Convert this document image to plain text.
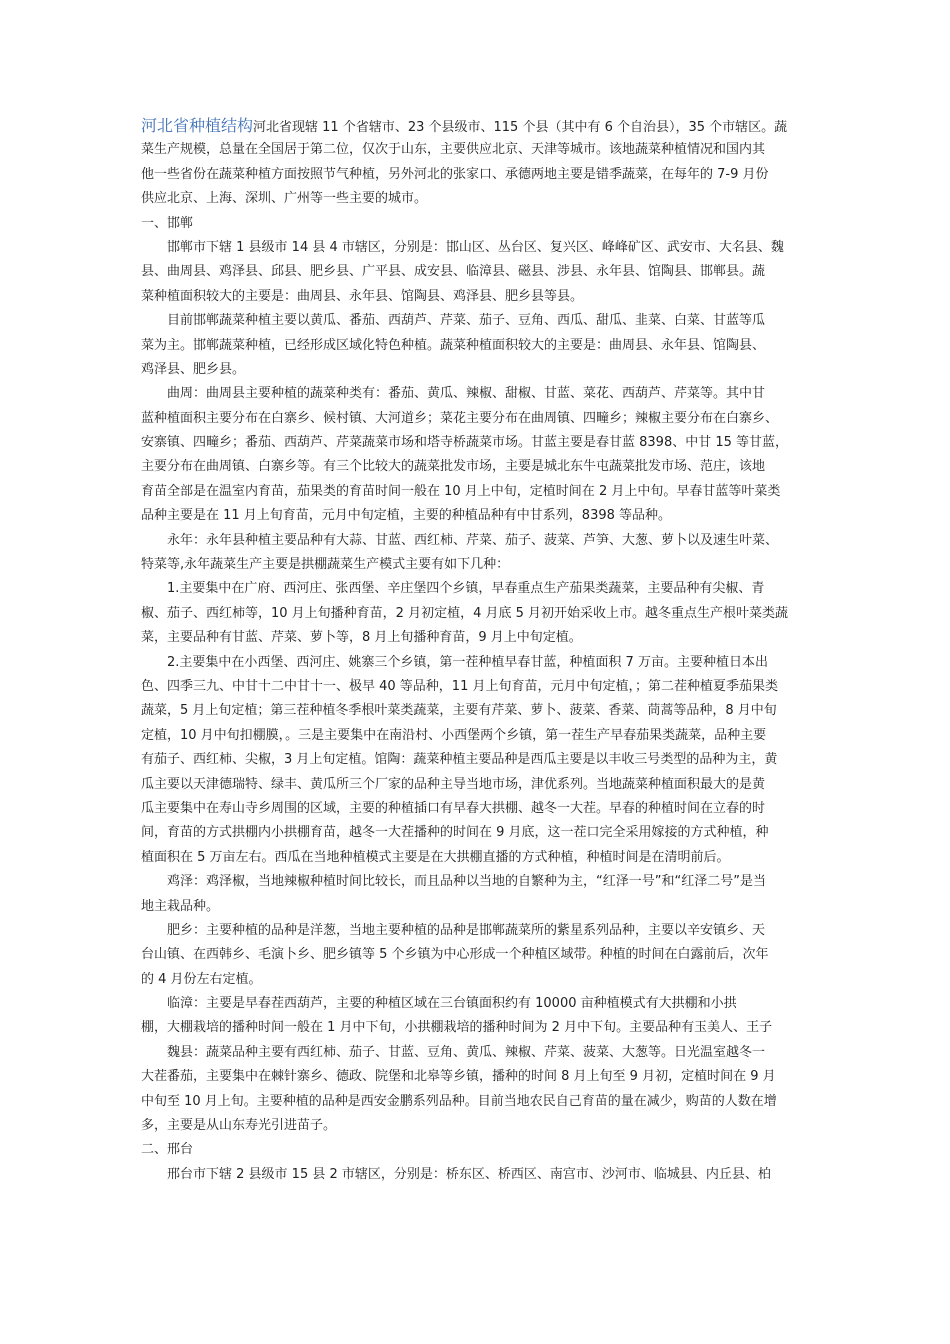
河北省种植结构河北省现辖 11 个省辖市、23 个县级市、115 个县（其中有 6 个自治县），35 个市辖区。蔬
菜生产规模，总量在全国居于第二位，仅次于山东，主要供应北京、天津等城市。该地蔬菜种植情况和国内其
他一些省份在蔬菜种植方面按照节气种植，另外河北的张家口、承德两地主要是错季蔬菜，在每年的 7-9 月份
供应北京、上海、深圳、广州等一些主要的城市。
一、邯郸
　　邯郸市下辖 1 县级市 14 县 4 市辖区，分别是：邯山区、丛台区、复兴区、峰峰矿区、武安市、大名县、魏
县、曲周县、鸡泽县、邱县、肥乡县、广平县、成安县、临漳县、磁县、涉县、永年县、馆陶县、邯郸县。蔬
菜种植面积较大的主要是：曲周县、永年县、馆陶县、鸡泽县、肥乡县等县。
　　目前邯郸蔬菜种植主要以黄瓜、番茄、西葫芦、芹菜、茄子、豆角、西瓜、甜瓜、韭菜、白菜、甘蓝等瓜
菜为主。邯郸蔬菜种植，已经形成区域化特色种植。蔬菜种植面积较大的主要是：曲周县、永年县、馆陶县、
鸡泽县、肥乡县。
　　曲周：曲周县主要种植的蔬菜种类有：番茄、黄瓜、辣椒、甜椒、甘蓝、菜花、西葫芦、芹菜等。其中甘
蓝种植面积主要分布在白寨乡、候村镇、大河道乡；菜花主要分布在曲周镇、四疃乡；辣椒主要分布在白寨乡、
安寨镇、四疃乡；番茄、西葫芦、芹菜蔬菜市场和塔寺桥蔬菜市场。甘蓝主要是春甘蓝 8398、中甘 15 等甘蓝，
主要分布在曲周镇、白寨乡等。有三个比较大的蔬菜批发市场，主要是城北东牛屯蔬菜批发市场、范庄，该地
育苗全部是在温室内育苗，茄果类的育苗时间一般在 10 月上中旬，定植时间在 2 月上中旬。早春甘蓝等叶菜类
品种主要是在 11 月上旬育苗，元月中旬定植，主要的种植品种有中甘系列，8398 等品种。
　　永年：永年县种植主要品种有大蒜、甘蓝、西红柿、芹菜、茄子、菠菜、芦笋、大葱、萝卜以及速生叶菜、
特菜等,永年蔬菜生产主要是拱棚蔬菜生产模式主要有如下几种：
　　1.主要集中在广府、西河庄、张西堡、辛庄堡四个乡镇，早春重点生产茄果类蔬菜，主要品种有尖椒、青
椒、茄子、西红柿等，10 月上旬播种育苗，2 月初定植，4 月底 5 月初开始采收上市。越冬重点生产根叶菜类蔬
菜，主要品种有甘蓝、芹菜、萝卜等，8 月上旬播种育苗，9 月上中旬定植。
　　2.主要集中在小西堡、西河庄、姚寨三个乡镇，第一茬种植早春甘蓝，种植面积 7 万亩。主要种植日本出
色、四季三九、中甘十二中甘十一、极早 40 等品种，11 月上旬育苗，元月中旬定植，；第二茬种植夏季茄果类
蔬菜，5 月上旬定植；第三茬种植冬季根叶菜类蔬菜，主要有芹菜、萝卜、菠菜、香菜、茼蒿等品种，8 月中旬
定植，10 月中旬扣棚膜，。三是主要集中在南沿村、小西堡两个乡镇，第一茬生产早春茄果类蔬菜，品种主要
有茄子、西红柿、尖椒，3 月上旬定植。馆陶：蔬菜种植主要品种是西瓜主要是以丰收三号类型的品种为主，黄
瓜主要以天津德瑞特、绿丰、黄瓜所三个厂家的品种主导当地市场，津优系列。当地蔬菜种植面积最大的是黄
瓜主要集中在寿山寺乡周围的区域，主要的种植插口有早春大拱棚、越冬一大茬。早春的种植时间在立春的时
间，育苗的方式拱棚内小拱棚育苗，越冬一大茬播种的时间在 9 月底，这一茬口完全采用嫁接的方式种植，种
植面积在 5 万亩左右。西瓜在当地种植模式主要是在大拱棚直播的方式种植，种植时间是在清明前后。
　　鸡泽：鸡泽椒，当地辣椒种植时间比较长，而且品种以当地的自繁种为主，“红泽一号”和“红泽二号”是当
地主栽品种。
　　肥乡：主要种植的品种是洋葱，当地主要种植的品种是邯郸蔬菜所的紫星系列品种，主要以辛安镇乡、天
台山镇、在西韩乡、毛演卜乡、肥乡镇等 5 个乡镇为中心形成一个种植区域带。种植的时间在白露前后，次年
的 4 月份左右定植。
　　临漳：主要是早春茬西葫芦，主要的种植区域在三台镇面积约有 10000 亩种植模式有大拱棚和小拱
棚，大棚栽培的播种时间一般在 1 月中下旬，小拱棚栽培的播种时间为 2 月中下旬。主要品种有玉美人、王子
　　魏县：蔬菜品种主要有西红柿、茄子、甘蓝、豆角、黄瓜、辣椒、芹菜、菠菜、大葱等。日光温室越冬一
大茬番茄，主要集中在棘针寨乡、德政、院堡和北皋等乡镇，播种的时间 8 月上旬至 9 月初，定植时间在 9 月
中旬至 10 月上旬。主要种植的品种是西安金鹏系列品种。目前当地农民自己育苗的量在减少，购苗的人数在增
多，主要是从山东寿光引进苗子。
二、邢台
　　邢台市下辖 2 县级市 15 县 2 市辖区，分别是：桥东区、桥西区、南宫市、沙河市、临城县、内丘县、柏
